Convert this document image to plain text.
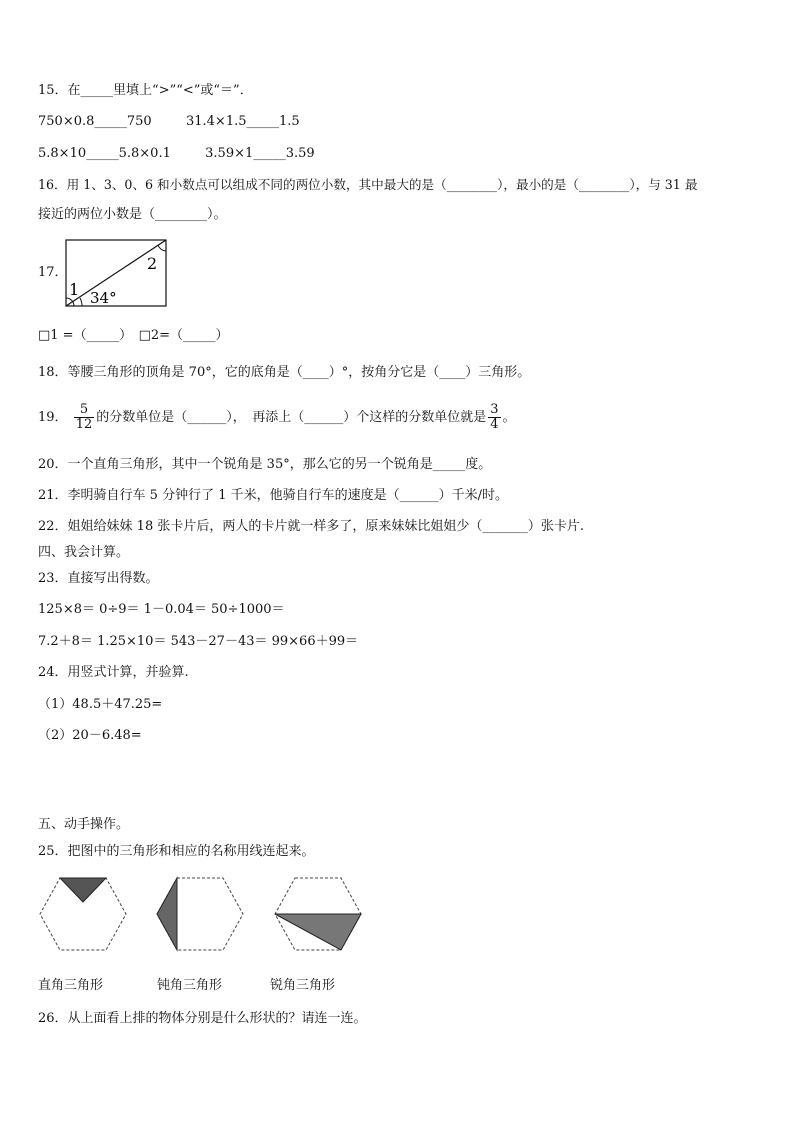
15．在_____里填上“>”“<”或“＝”．
750×0.8_____750	31.4×1.5_____1.5
5.8×10_____5.8×0.1	3.59×1_____3.59
16．用 1、3、0、6 和小数点可以组成不同的两位小数，其中最大的是（________），最小的是（________），与 31 最
接近的两位小数是（________）。
17．
1
2
34°
□1 =（_____）　□2=（_____）
18．等腰三角形的顶角是 70°，它的底角是（____）°，按角分它是（____）三角形。
19． $\frac{5}{12}$ 的分数单位是（______），　再添上（______）个这样的分数单位就是 $\frac{3}{4}$ 。
20．一个直角三角形，其中一个锐角是 35°，那么它的另一个锐角是_____度。
21．李明骑自行车 5 分钟行了 1 千米，他骑自行车的速度是（______）千米/时。
22．姐姐给妹妹 18 张卡片后，两人的卡片就一样多了，原来妹妹比姐姐少（_______）张卡片.
四、我会计算。
23．直接写出得数。
125×8＝ 0÷9＝ 1－0.04＝ 50÷1000＝
7.2＋8＝ 1.25×10＝ 543－27－43＝ 99×66＋99＝
24．用竖式计算，并验算.
（1）48.5＋47.25=
（2）20－6.48=
五、动手操作。
25．把图中的三角形和相应的名称用线连起来。
直角三角形	钝角三角形	锐角三角形
26．从上面看上排的物体分别是什么形状的？请连一连。
